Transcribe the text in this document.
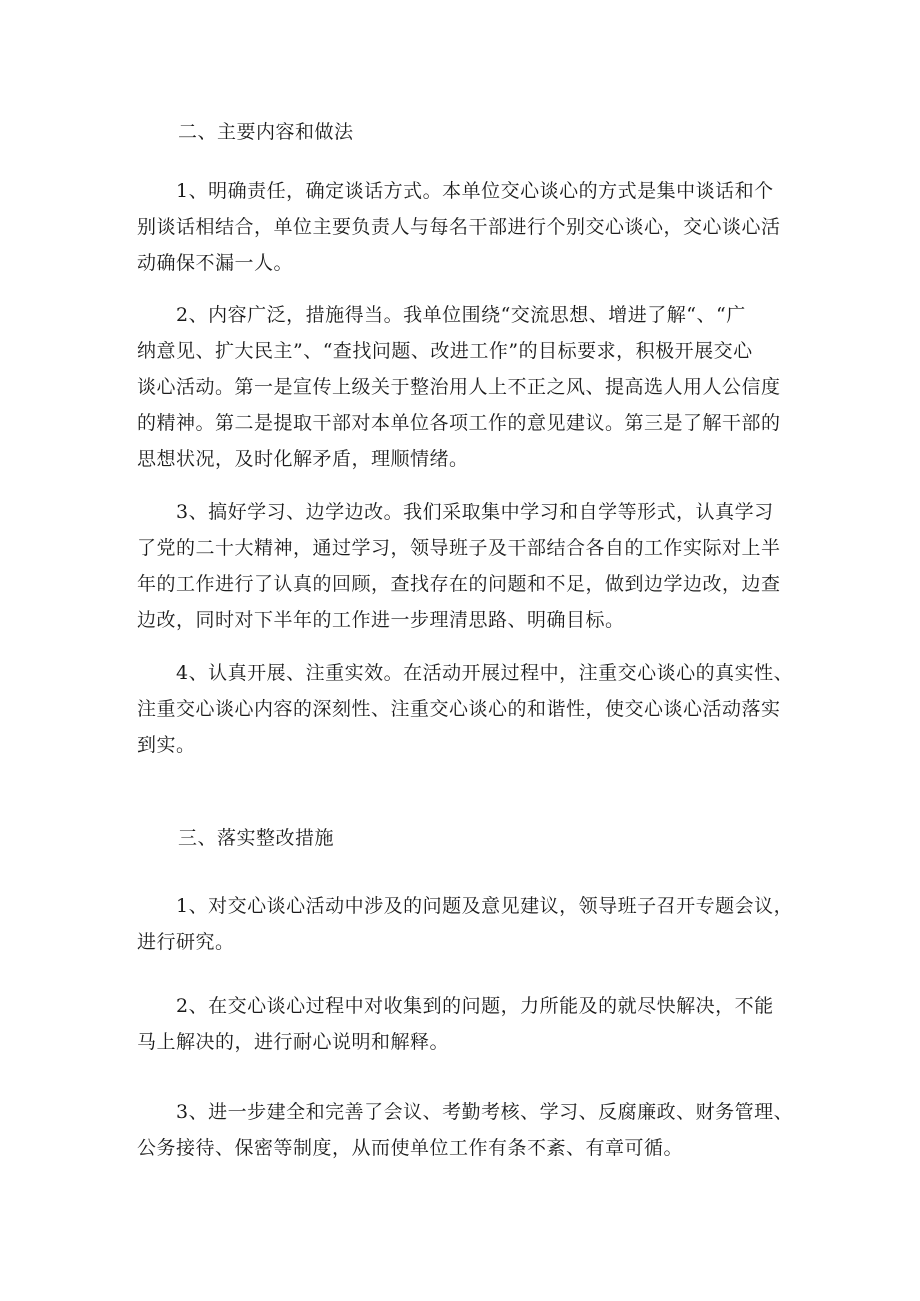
二、主要内容和做法

1、明确责任，确定谈话方式。本单位交心谈心的方式是集中谈话和个
别谈话相结合，单位主要负责人与每名干部进行个别交心谈心，交心谈心活
动确保不漏一人。

2、内容广泛，措施得当。我单位围绕“交流思想、增进了解“、“广
纳意见、扩大民主”、“查找问题、改进工作”的目标要求，积极开展交心
谈心活动。第一是宣传上级关于整治用人上不正之风、提高选人用人公信度
的精神。第二是提取干部对本单位各项工作的意见建议。第三是了解干部的
思想状况，及时化解矛盾，理顺情绪。

3、搞好学习、边学边改。我们采取集中学习和自学等形式，认真学习
了党的二十大精神，通过学习，领导班子及干部结合各自的工作实际对上半
年的工作进行了认真的回顾，查找存在的问题和不足，做到边学边改，边查
边改，同时对下半年的工作进一步理清思路、明确目标。

4、认真开展、注重实效。在活动开展过程中，注重交心谈心的真实性、
注重交心谈心内容的深刻性、注重交心谈心的和谐性，使交心谈心活动落实
到实。

三、落实整改措施

1、对交心谈心活动中涉及的问题及意见建议，领导班子召开专题会议，
进行研究。

2、在交心谈心过程中对收集到的问题，力所能及的就尽快解决，不能
马上解决的，进行耐心说明和解释。

3、进一步建全和完善了会议、考勤考核、学习、反腐廉政、财务管理、
公务接待、保密等制度，从而使单位工作有条不紊、有章可循。
